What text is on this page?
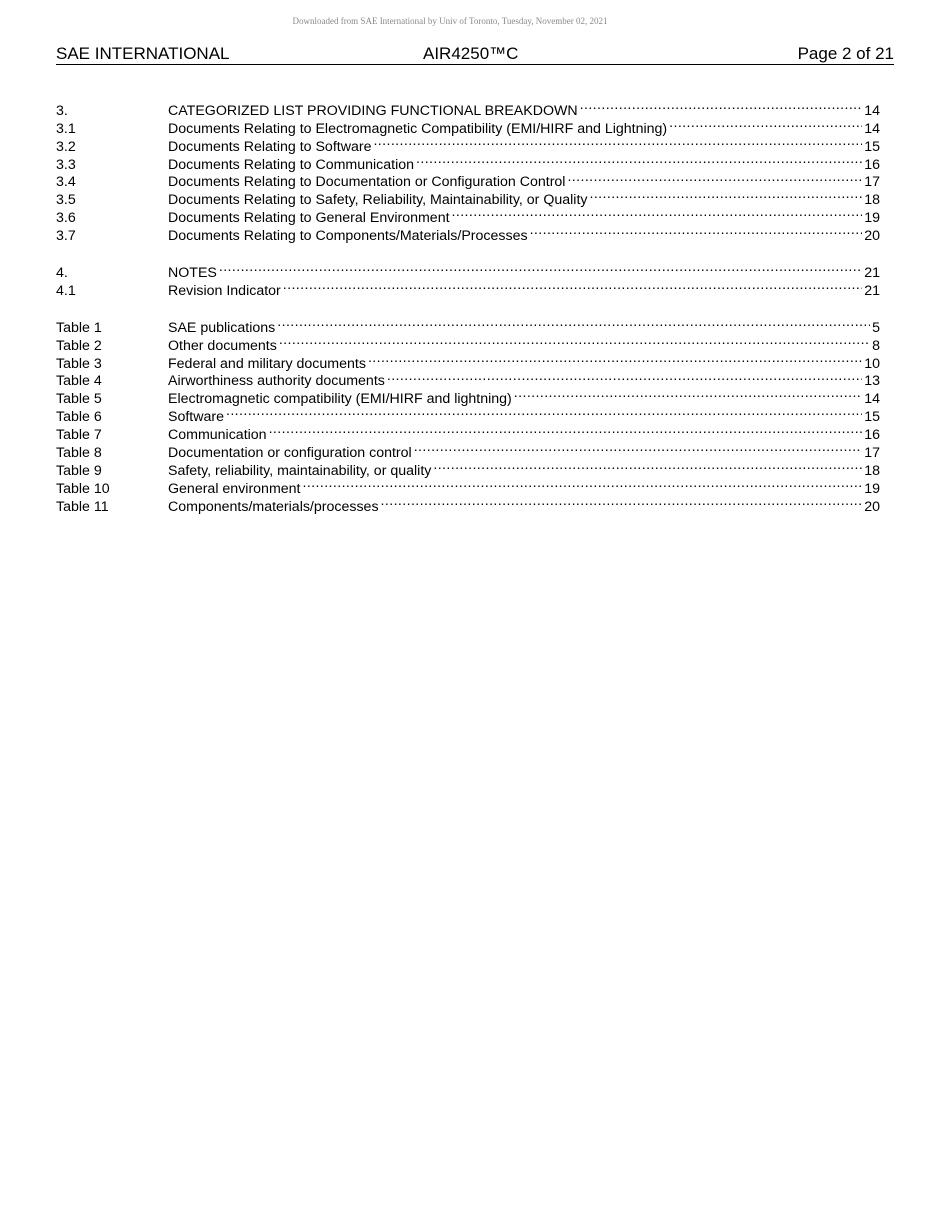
Downloaded from SAE International by Univ of Toronto, Tuesday, November 02, 2021
SAE INTERNATIONAL	AIR4250™C	Page 2 of 21
3.	CATEGORIZED LIST PROVIDING FUNCTIONAL BREAKDOWN .....	14
3.1	Documents Relating to Electromagnetic Compatibility (EMI/HIRF and Lightning) .....	14
3.2	Documents Relating to Software .....	15
3.3	Documents Relating to Communication .....	16
3.4	Documents Relating to Documentation or Configuration Control .....	17
3.5	Documents Relating to Safety, Reliability, Maintainability, or Quality .....	18
3.6	Documents Relating to General Environment .....	19
3.7	Documents Relating to Components/Materials/Processes .....	20
4.	NOTES .....	21
4.1	Revision Indicator .....	21
Table 1	SAE publications .....	5
Table 2	Other documents .....	8
Table 3	Federal and military documents .....	10
Table 4	Airworthiness authority documents .....	13
Table 5	Electromagnetic compatibility (EMI/HIRF and lightning) .....	14
Table 6	Software .....	15
Table 7	Communication .....	16
Table 8	Documentation or configuration control .....	17
Table 9	Safety, reliability, maintainability, or quality .....	18
Table 10	General environment .....	19
Table 11	Components/materials/processes .....	20
